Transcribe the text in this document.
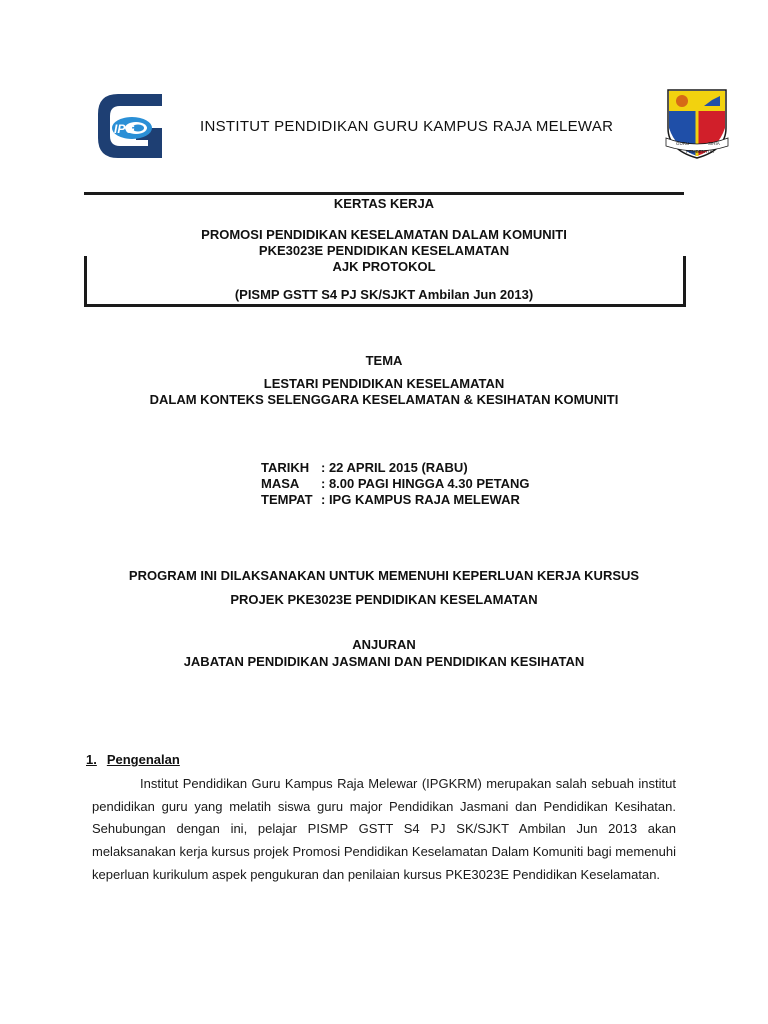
IPG	INSTITUT PENDIDIKAN GURU KAMPUS RAJA MELEWAR
GURU	SIRIA
PEMBENTUK
KERTAS KERJA
PROMOSI PENDIDIKAN KESELAMATAN DALAM KOMUNITI
PKE3023E PENDIDIKAN KESELAMATAN
AJK PROTOKOL
(PISMP GSTT S4 PJ SK/SJKT Ambilan Jun 2013)
TEMA
LESTARI PENDIDIKAN KESELAMATAN
DALAM KONTEKS SELENGGARA KESELAMATAN & KESIHATAN KOMUNITI
TARIKH : 22 APRIL 2015 (RABU)
MASA : 8.00 PAGI HINGGA 4.30 PETANG
TEMPAT : IPG KAMPUS RAJA MELEWAR
PROGRAM INI DILAKSANAKAN UNTUK MEMENUHI KEPERLUAN KERJA KURSUS
PROJEK PKE3023E PENDIDIKAN KESELAMATAN
ANJURAN
JABATAN PENDIDIKAN JASMANI DAN PENDIDIKAN KESIHATAN
1. Pengenalan
Institut Pendidikan Guru Kampus Raja Melewar (IPGKRM) merupakan salah sebuah institut pendidikan guru yang melatih siswa guru major Pendidikan Jasmani dan Pendidikan Kesihatan. Sehubungan dengan ini, pelajar PISMP GSTT S4 PJ SK/SJKT Ambilan Jun 2013 akan melaksanakan kerja kursus projek Promosi Pendidikan Keselamatan Dalam Komuniti bagi memenuhi keperluan kurikulum aspek pengukuran dan penilaian kursus PKE3023E Pendidikan Keselamatan.
